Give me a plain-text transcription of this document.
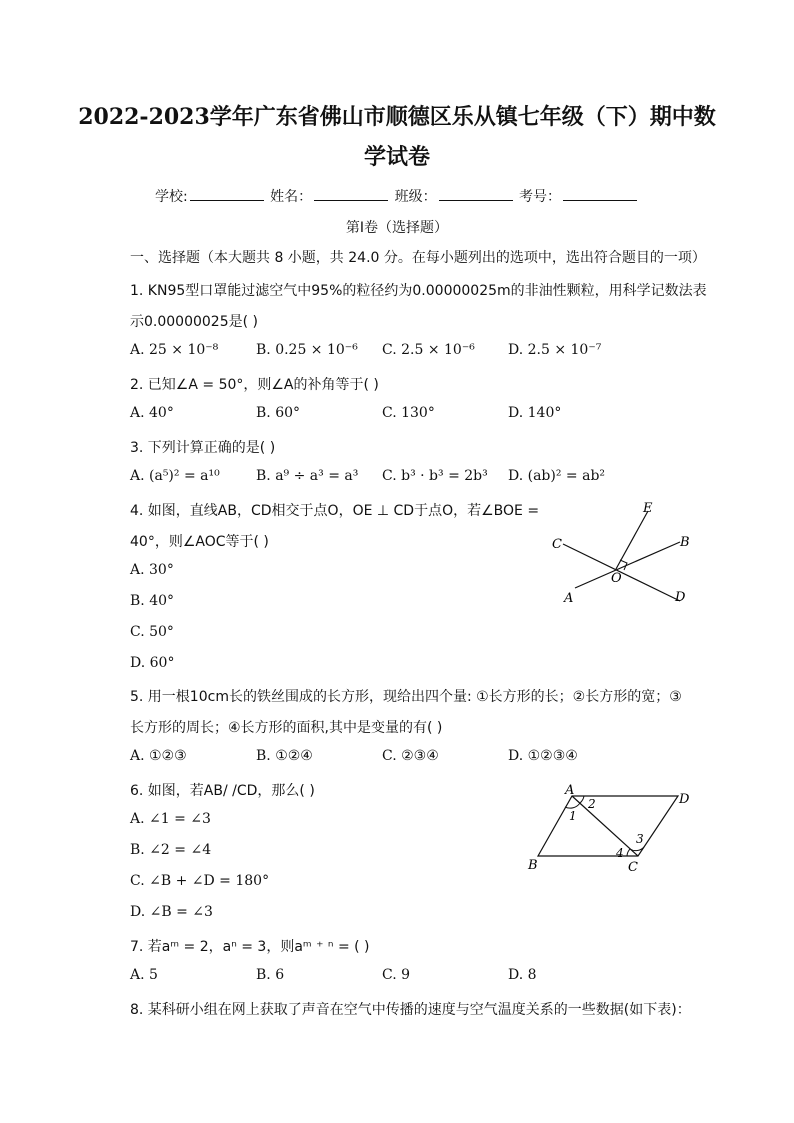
2022-2023学年广东省佛山市顺德区乐从镇七年级（下）期中数
学试卷
学校:	姓名：	班级：	考号：
第I卷（选择题）
一、选择题（本大题共 8 小题，共 24.0 分。在每小题列出的选项中，选出符合题目的一项）
1. KN95型口罩能过滤空气中95%的粒径约为0.00000025m的非油性颗粒，用科学记数法表
示0.00000025是( )
A. 25 × 10⁻⁸	B. 0.25 × 10⁻⁶ C. 2.5 × 10⁻⁶ D. 2.5 × 10⁻⁷
2. 已知∠A = 50°，则∠A的补角等于( )
A. 40°	B. 60°	C. 130°	D. 140°
3. 下列计算正确的是( )
A. (a⁵)² = a¹⁰	B. a⁹ ÷ a³ = a³ C. b³ · b³ = 2b³ D. (ab)² = ab²
4. 如图，直线AB，CD相交于点O，OE ⊥ CD于点O，若∠BOE =
40°，则∠AOC等于( )
A. 30°
B. 40°
C. 50°
D. 60°
E
C	B
O
A	D
5. 用一根10cm长的铁丝围成的长方形，现给出四个量: ①长方形的长；②长方形的宽；③
长方形的周长；④长方形的面积,其中是变量的有( )
A. ①②③	B. ①②④	C. ②③④	D. ①②③④
6. 如图，若AB/ /CD，那么( )
A. ∠1 = ∠3
B. ∠2 = ∠4
C. ∠B + ∠D = 180°
D. ∠B = ∠3
A
D
B	C
1
2
3
4
7. 若aᵐ = 2，aⁿ = 3，则aᵐ ⁺ ⁿ = ( )
A. 5	B. 6	C. 9	D. 8
8. 某科研小组在网上获取了声音在空气中传播的速度与空气温度关系的一些数据(如下表)：
